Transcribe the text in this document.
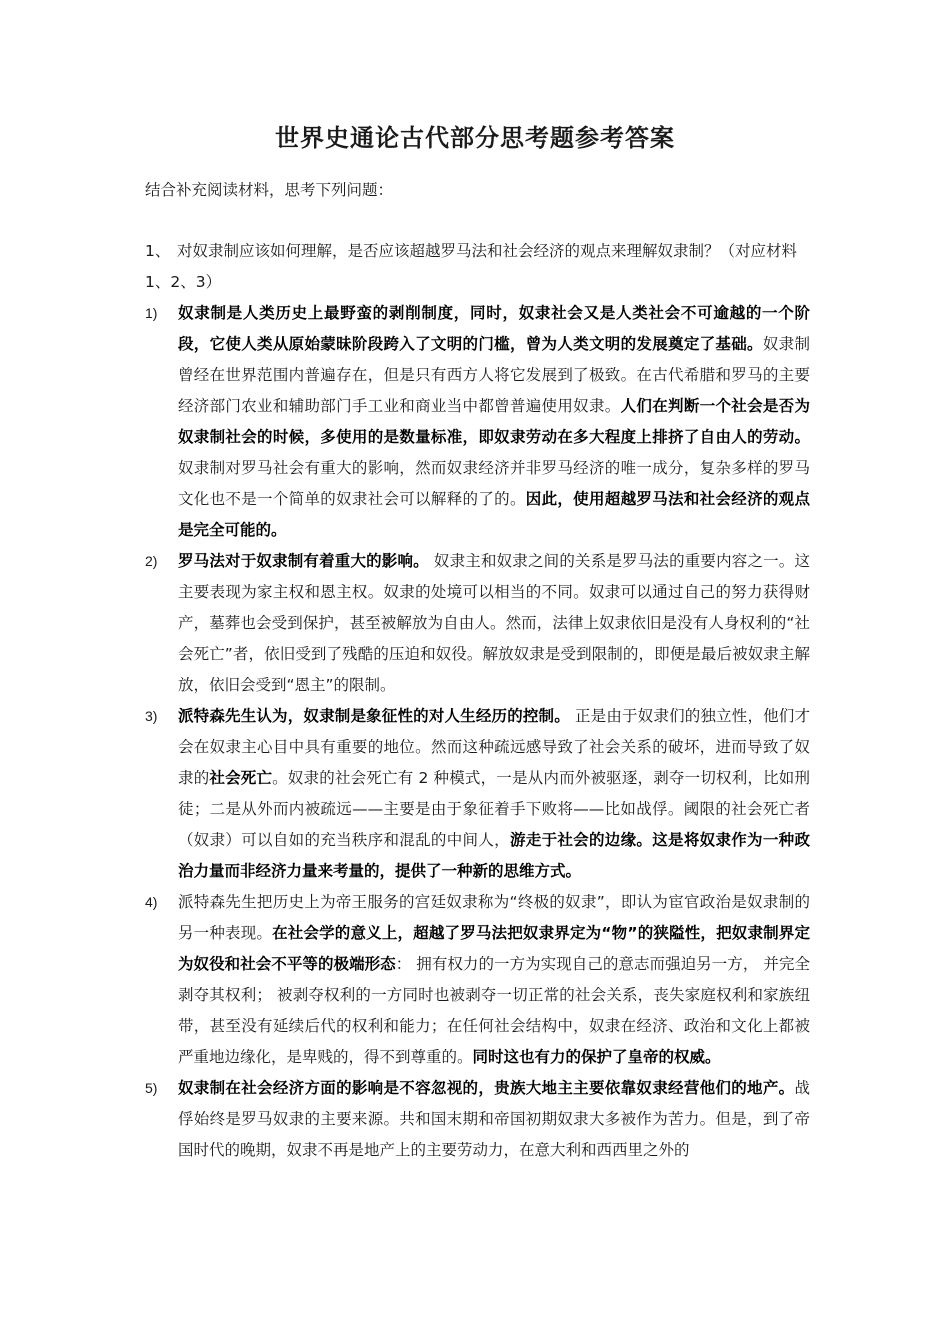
世界史通论古代部分思考题参考答案
结合补充阅读材料，思考下列问题：
1、 对奴隶制应该如何理解，是否应该超越罗马法和社会经济的观点来理解奴隶制？（对应材料 1、2、3）
1) 奴隶制是人类历史上最野蛮的剥削制度，同时，奴隶社会又是人类社会不可逾越的一个阶段，它使人类从原始蒙昧阶段跨入了文明的门槛，曾为人类文明的发展奠定了基础。奴隶制曾经在世界范围内普遍存在，但是只有西方人将它发展到了极致。在古代希腊和罗马的主要经济部门农业和辅助部门手工业和商业当中都曾普遍使用奴隶。人们在判断一个社会是否为奴隶制社会的时候，多使用的是数量标准，即奴隶劳动在多大程度上排挤了自由人的劳动。奴隶制对罗马社会有重大的影响，然而奴隶经济并非罗马经济的唯一成分，复杂多样的罗马文化也不是一个简单的奴隶社会可以解释的了的。因此，使用超越罗马法和社会经济的观点是完全可能的。

2) 罗马法对于奴隶制有着重大的影响。 奴隶主和奴隶之间的关系是罗马法的重要内容之一。这主要表现为家主权和恩主权。奴隶的处境可以相当的不同。奴隶可以通过自己的努力获得财产，墓葬也会受到保护，甚至被解放为自由人。然而，法律上奴隶依旧是没有人身权利的“社会死亡”者，依旧受到了残酷的压迫和奴役。解放奴隶是受到限制的，即便是最后被奴隶主解放，依旧会受到“恩主”的限制。

3) 派特森先生认为，奴隶制是象征性的对人生经历的控制。 正是由于奴隶们的独立性，他们才会在奴隶主心目中具有重要的地位。然而这种疏远感导致了社会关系的破坏，进而导致了奴隶的社会死亡。奴隶的社会死亡有 2 种模式，一是从内而外被驱逐，剥夺一切权利，比如刑徒；二是从外而内被疏远——主要是由于象征着手下败将——比如战俘。阈限的社会死亡者（奴隶）可以自如的充当秩序和混乱的中间人，游走于社会的边缘。这是将奴隶作为一种政治力量而非经济力量来考量的，提供了一种新的思维方式。

4) 派特森先生把历史上为帝王服务的宫廷奴隶称为“终极的奴隶”，即认为宦官政治是奴隶制的另一种表现。在社会学的意义上，超越了罗马法把奴隶界定为“物”的狭隘性，把奴隶制界定为奴役和社会不平等的极端形态： 拥有权力的一方为实现自己的意志而强迫另一方， 并完全剥夺其权利； 被剥夺权利的一方同时也被剥夺一切正常的社会关系，丧失家庭权利和家族纽带，甚至没有延续后代的权利和能力；在任何社会结构中，奴隶在经济、政治和文化上都被严重地边缘化，是卑贱的，得不到尊重的。同时这也有力的保护了皇帝的权威。

5) 奴隶制在社会经济方面的影响是不容忽视的，贵族大地主主要依靠奴隶经营他们的地产。战俘始终是罗马奴隶的主要来源。共和国末期和帝国初期奴隶大多被作为苦力。但是，到了帝国时代的晚期，奴隶不再是地产上的主要劳动力，在意大利和西西里之外的
